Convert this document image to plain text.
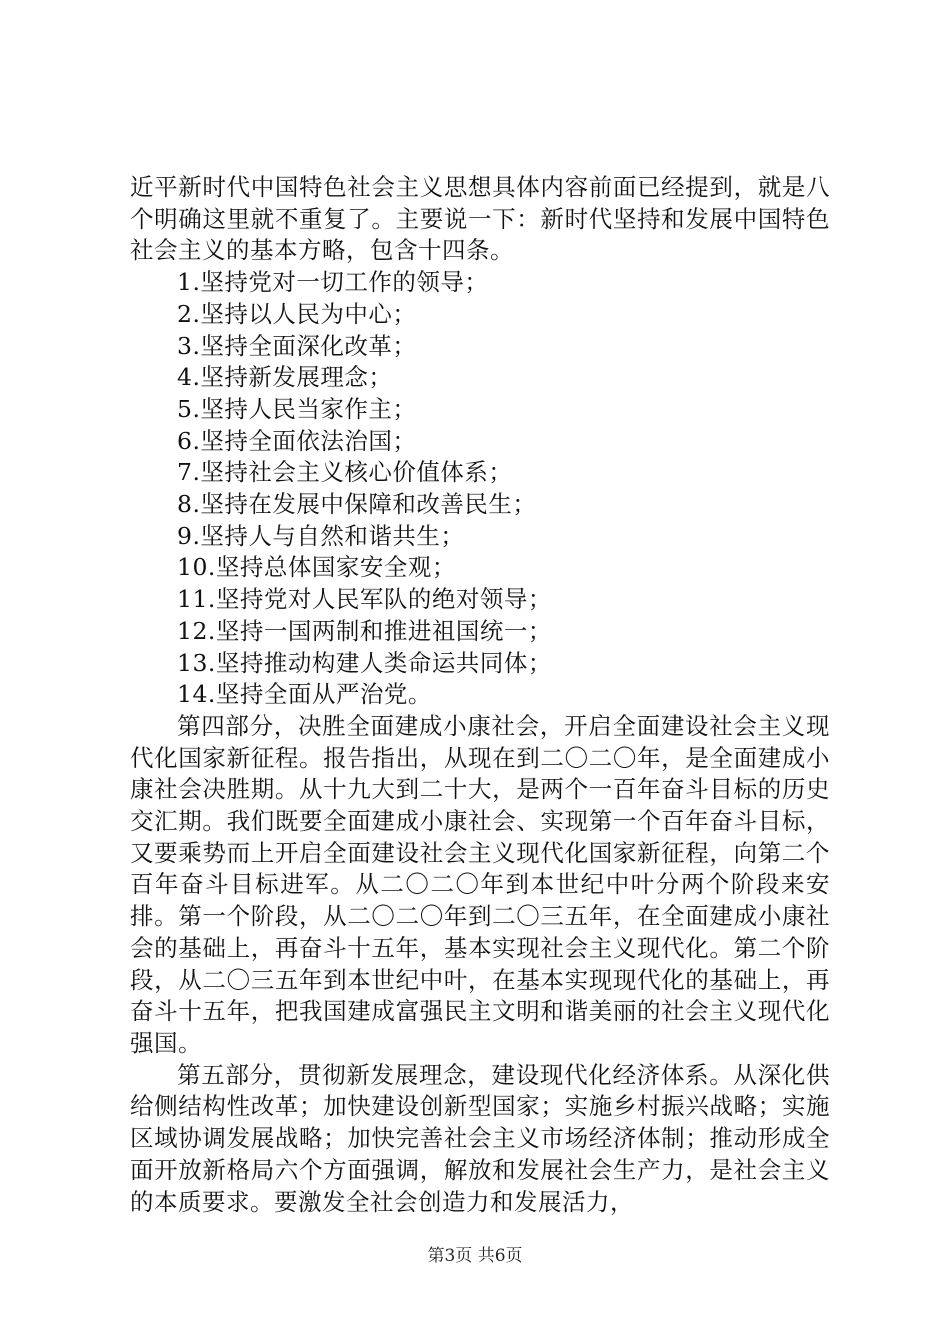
近平新时代中国特色社会主义思想具体内容前面已经提到，就是八个明确这里就不重复了。主要说一下：新时代坚持和发展中国特色社会主义的基本方略，包含十四条。

1.坚持党对一切工作的领导；
2.坚持以人民为中心；
3.坚持全面深化改革；
4.坚持新发展理念；
5.坚持人民当家作主；
6.坚持全面依法治国；
7.坚持社会主义核心价值体系；
8.坚持在发展中保障和改善民生；
9.坚持人与自然和谐共生；
10.坚持总体国家安全观；
11.坚持党对人民军队的绝对领导；
12.坚持一国两制和推进祖国统一；
13.坚持推动构建人类命运共同体；
14.坚持全面从严治党。

第四部分，决胜全面建成小康社会，开启全面建设社会主义现代化国家新征程。报告指出，从现在到二〇二〇年，是全面建成小康社会决胜期。从十九大到二十大，是两个一百年奋斗目标的历史交汇期。我们既要全面建成小康社会、实现第一个百年奋斗目标，又要乘势而上开启全面建设社会主义现代化国家新征程，向第二个百年奋斗目标进军。从二〇二〇年到本世纪中叶分两个阶段来安排。第一个阶段，从二〇二〇年到二〇三五年，在全面建成小康社会的基础上，再奋斗十五年，基本实现社会主义现代化。第二个阶段，从二〇三五年到本世纪中叶，在基本实现现代化的基础上，再奋斗十五年，把我国建成富强民主文明和谐美丽的社会主义现代化强国。

第五部分，贯彻新发展理念，建设现代化经济体系。从深化供给侧结构性改革；加快建设创新型国家；实施乡村振兴战略；实施区域协调发展战略；加快完善社会主义市场经济体制；推动形成全面开放新格局六个方面强调，解放和发展社会生产力，是社会主义的本质要求。要激发全社会创造力和发展活力，

第3页 共6页
